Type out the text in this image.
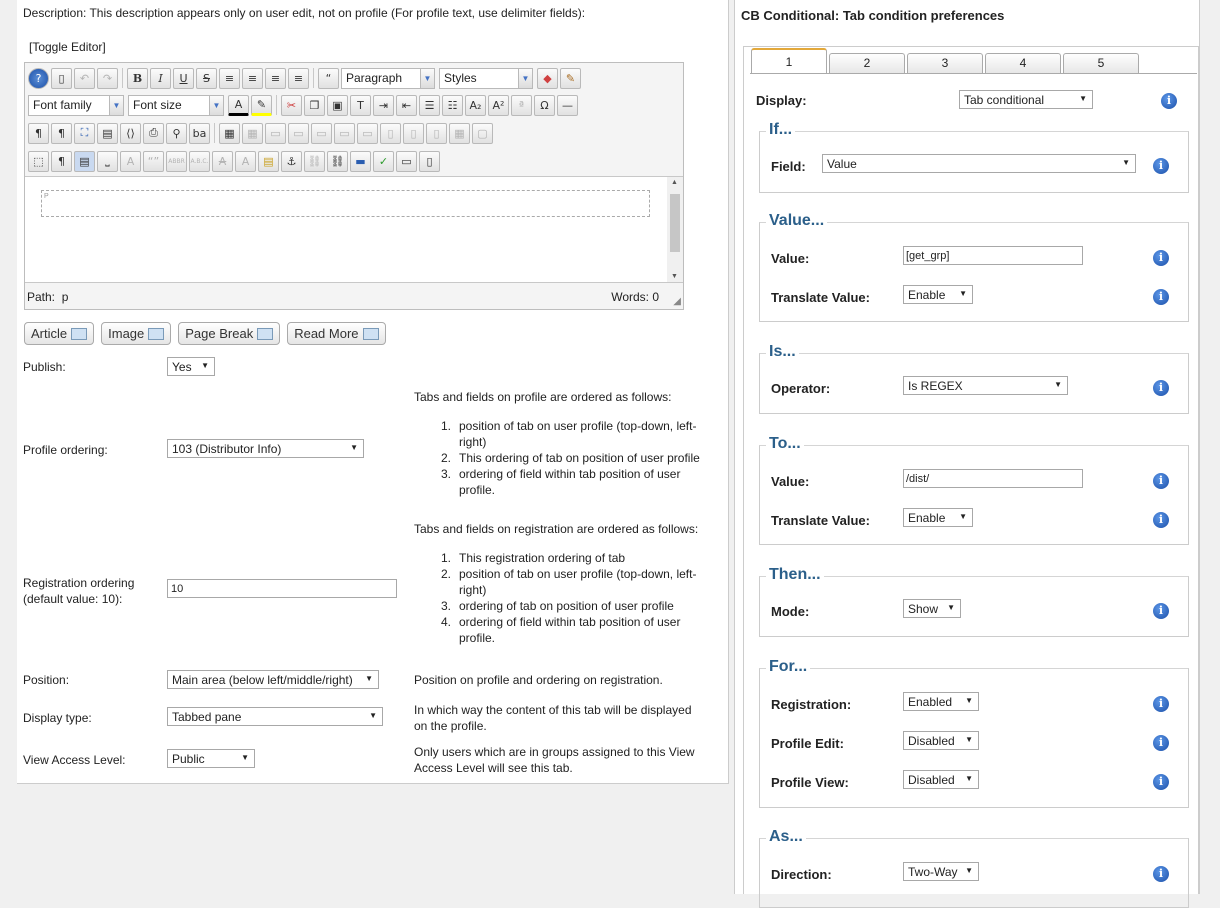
Description: This description appears only on user edit, not on profile (For profile text, use delimiter fields):
[Toggle Editor]
?	▯	↶	↷	B	I	U	S	≡	≡	≡	≡	“	Paragraph	▼ Styles	▼	◆	✎
Font family	▼ Font size	▼	A	✎	✂	❐	▣	T	⇥	⇤	☰	☷	A₂	A²	ª	Ω	—
¶	¶	⛶	▤	⟨⟩	⎙	⚲	ba	▦	▦	▭	▭	▭	▭	▭	▯	▯	▯	▦	▢
⬚	¶	▤	⎵	A	“”	ABBR A.B.C. A	A	▤	⚓	⛓ ⛓ ▬	✓	▭	▯
P
▲
▼
Path: p	Words: 0 ◢
Article	Image	Page Break	Read More
Publish:	Yes ▼
Tabs and fields on profile are ordered as follows:
1. position of tab on user profile (top-down, left-
right)
2. This ordering of tab on position of user profile
3. ordering of field within tab position of user
profile.
Profile ordering:	103 (Distributor Info)	▼
Tabs and fields on registration are ordered as follows:
1. This registration ordering of tab
2. position of tab on user profile (top-down, left-
right)
3. ordering of tab on position of user profile
4. ordering of field within tab position of user
profile.
Registration ordering
(default value: 10):
10
Position:	Main area (below left/middle/right) ▼	Position on profile and ordering on registration.
Display type:	Tabbed pane	▼	In which way the content of this tab will be displayed
on the profile.
View Access Level:	Public	▼	Only users which are in groups assigned to this View
Access Level will see this tab.
CB Conditional: Tab condition preferences
1	2	3	4	5
Display:	Tab conditional	▼	i
If...
Field: Value	▼	i
Value...
Value:	[get_grp]	i
Translate Value:	Enable ▼	i
Is...
Operator:	Is REGEX	▼	i
To...
Value:	/dist/	i
Translate Value:	Enable ▼	i
Then...
Mode:	Show ▼	i
For...
Registration:	Enabled ▼	i
Profile Edit:	Disabled ▼	i
Profile View:	Disabled ▼	i
As...
Direction:	Two-Way ▼	i
